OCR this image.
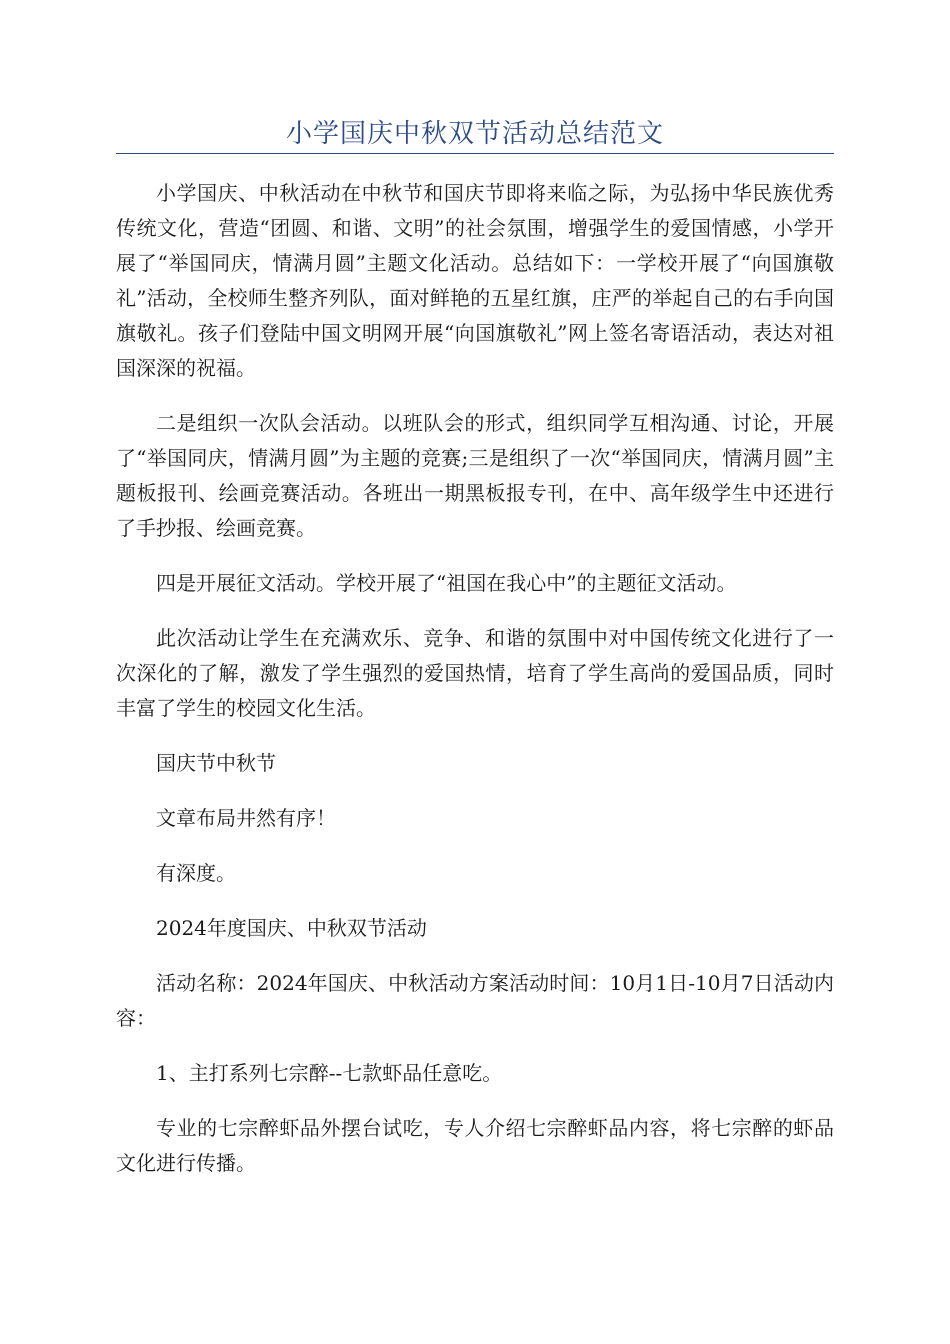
小学国庆中秋双节活动总结范文

小学国庆、中秋活动在中秋节和国庆节即将来临之际，为弘扬中华民族优秀传统文化，营造“团圆、和谐、文明”的社会氛围，增强学生的爱国情感，小学开展了“举国同庆，情满月圆”主题文化活动。总结如下：一学校开展了“向国旗敬礼”活动，全校师生整齐列队，面对鲜艳的五星红旗，庄严的举起自己的右手向国旗敬礼。孩子们登陆中国文明网开展“向国旗敬礼”网上签名寄语活动，表达对祖国深深的祝福。

二是组织一次队会活动。以班队会的形式，组织同学互相沟通、讨论，开展了“举国同庆，情满月圆”为主题的竞赛;三是组织了一次“举国同庆，情满月圆”主题板报刊、绘画竞赛活动。各班出一期黑板报专刊，在中、高年级学生中还进行了手抄报、绘画竞赛。

四是开展征文活动。学校开展了“祖国在我心中”的主题征文活动。

此次活动让学生在充满欢乐、竞争、和谐的氛围中对中国传统文化进行了一次深化的了解，激发了学生强烈的爱国热情，培育了学生高尚的爱国品质，同时丰富了学生的校园文化生活。

国庆节中秋节

文章布局井然有序！

有深度。

2024年度国庆、中秋双节活动

活动名称：2024年国庆、中秋活动方案活动时间：10月1日-10月7日活动内容：

1、主打系列七宗醉--七款虾品任意吃。

专业的七宗醉虾品外摆台试吃，专人介绍七宗醉虾品内容，将七宗醉的虾品文化进行传播。
